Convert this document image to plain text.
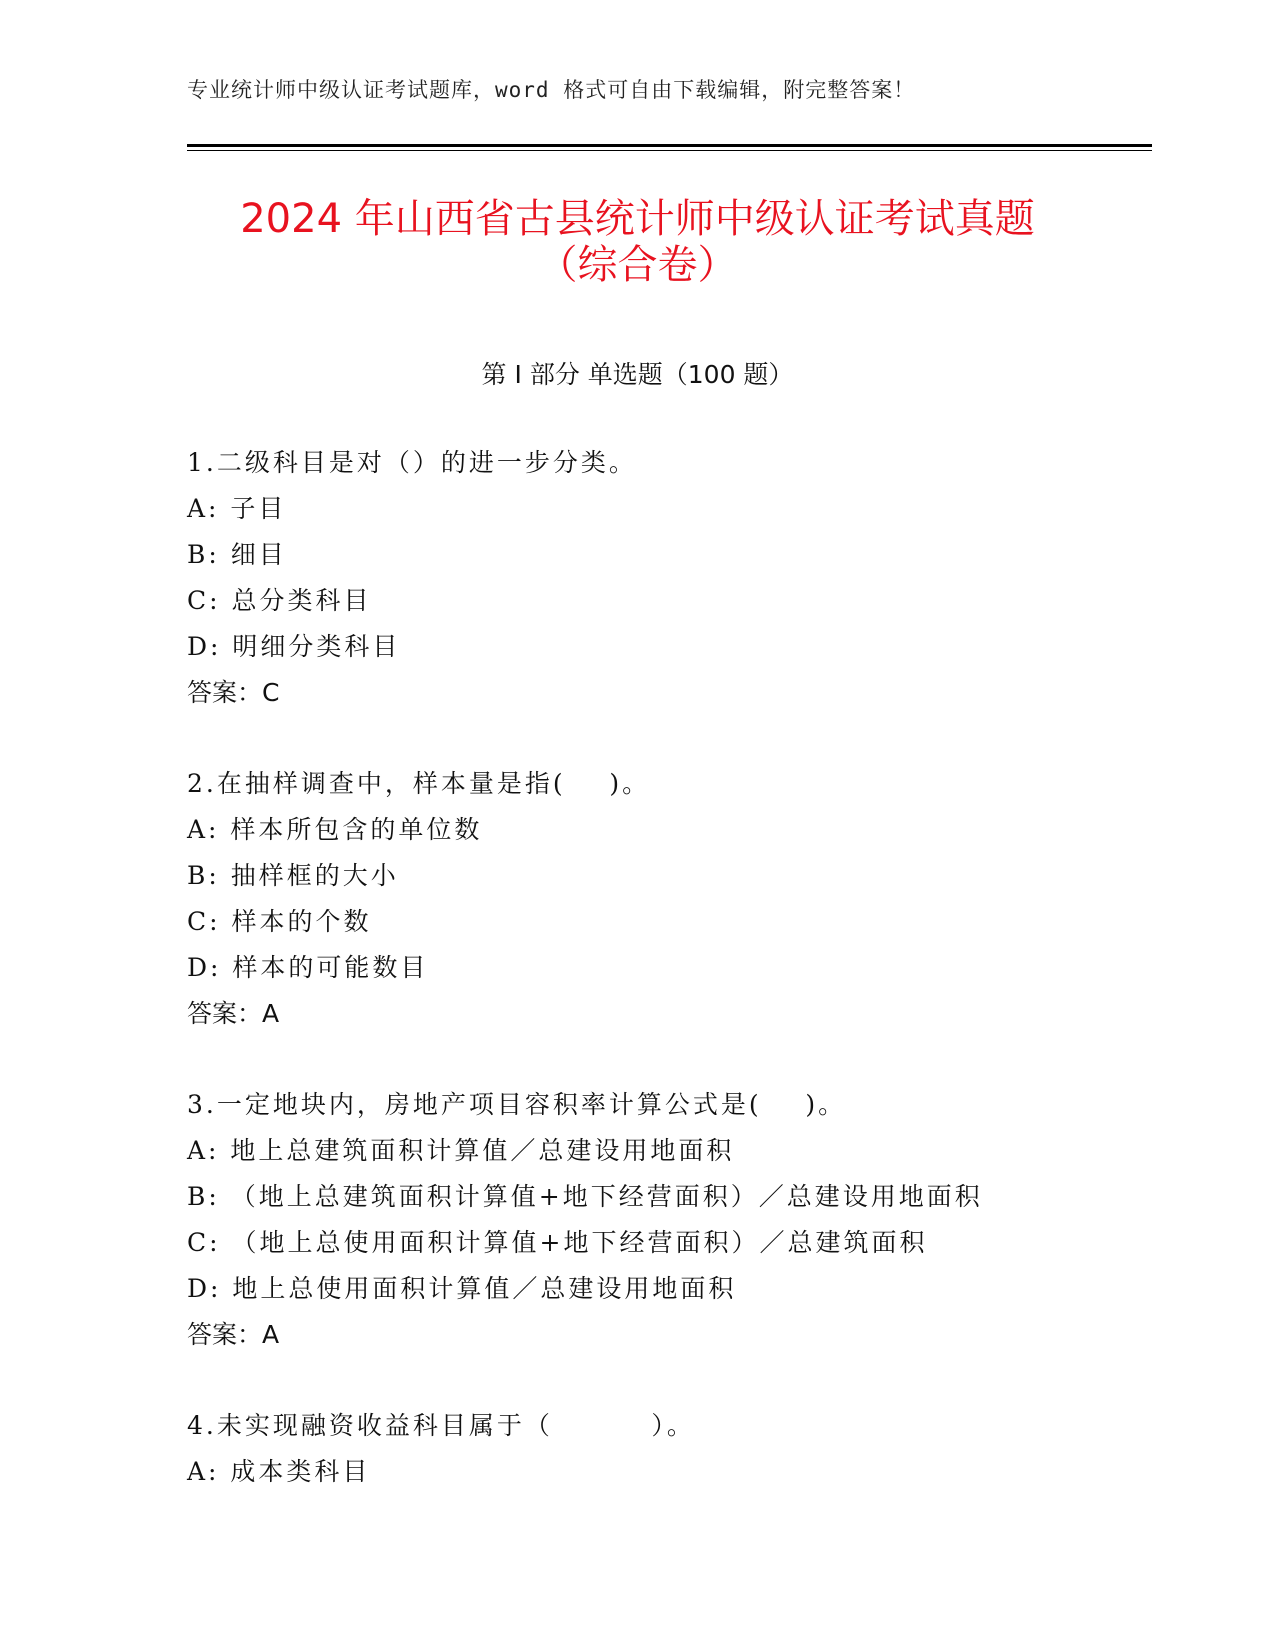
专业统计师中级认证考试题库，word 格式可自由下载编辑，附完整答案！
2024 年山西省古县统计师中级认证考试真题
（综合卷）
第 I 部分 单选题（100 题）
1.二级科目是对（）的进一步分类。
A: 子目
B: 细目
C: 总分类科目
D: 明细分类科目
答案：C
2.在抽样调查中，样本量是指(    )。
A: 样本所包含的单位数
B: 抽样框的大小
C: 样本的个数
D: 样本的可能数目
答案：A
3.一定地块内，房地产项目容积率计算公式是(    )。
A: 地上总建筑面积计算值／总建设用地面积
B: （地上总建筑面积计算值+地下经营面积）／总建设用地面积
C: （地上总使用面积计算值+地下经营面积）／总建筑面积
D: 地上总使用面积计算值／总建设用地面积
答案：A
4.未实现融资收益科目属于（         ）。
A: 成本类科目
